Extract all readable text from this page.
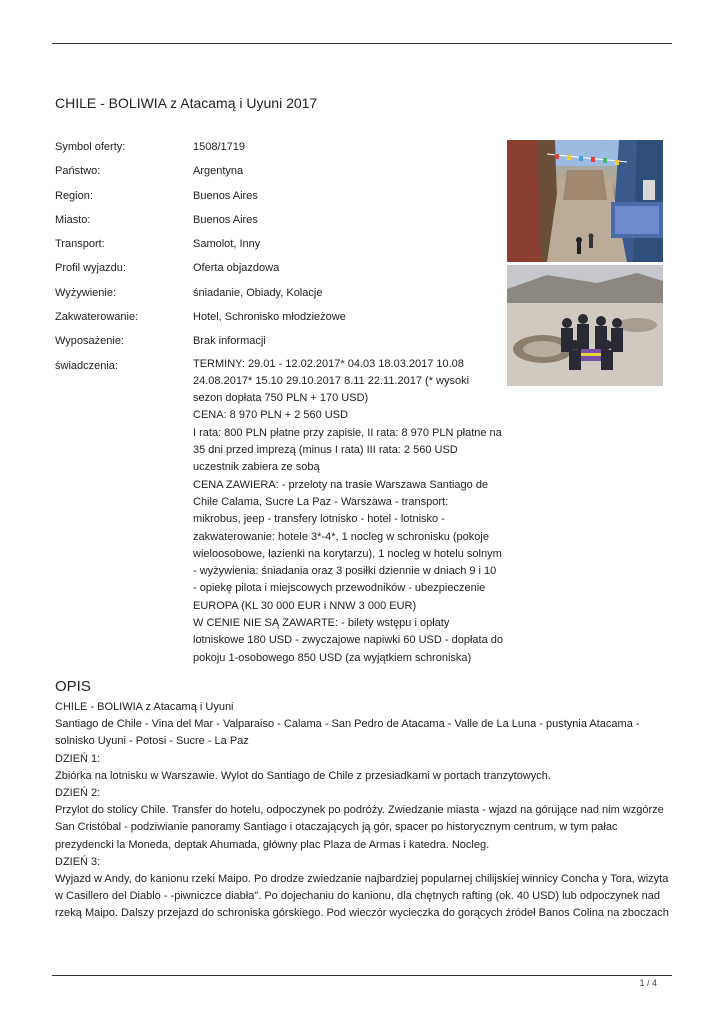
CHILE - BOLIWIA z Atacamą i Uyuni 2017
Symbol oferty:	1508/1719
Państwo:	Argentyna
Region:	Buenos Aires
Miasto:	Buenos Aires
Transport:	Samolot, Inny
Profil wyjazdu:	Oferta objazdowa
Wyżywienie:	śniadanie, Obiady, Kolacje
Zakwaterowanie:	Hotel, Schronisko młodzieżowe
Wyposażenie:	Brak informacji
świadczenia:	TERMINY: 29.01 - 12.02.2017* 04.03 18.03.2017 10.08
24.08.2017* 15.10 29.10.2017 8.11 22.11.2017 (* wysoki
sezon dopłata 750 PLN + 170 USD)
CENA: 8 970 PLN + 2 560 USD
I rata: 800 PLN płatne przy zapisie, II rata: 8 970 PLN płatne na
35 dni przed imprezą (minus I rata) III rata: 2 560 USD
uczestnik zabiera ze sobą
CENA ZAWIERA: - przeloty na trasie Warszawa Santiago de
Chile Calama, Sucre La Paz - Warszawa - transport:
mikrobus, jeep - transfery lotnisko - hotel - lotnisko -
zakwaterowanie: hotele 3*-4*, 1 nocleg w schronisku (pokoje
wieloosobowe, łazienki na korytarzu), 1 nocleg w hotelu solnym
- wyżywienia: śniadania oraz 3 posiłki dziennie w dniach 9 i 10
- opiekę pilota i miejscowych przewodników - ubezpieczenie
EUROPA (KL 30 000 EUR i NNW 3 000 EUR)
W CENIE NIE SĄ ZAWARTE: - bilety wstępu i opłaty
lotniskowe 180 USD - zwyczajowe napiwki 60 USD - dopłata do
pokoju 1-osobowego 850 USD (za wyjątkiem schroniska)
OPIS
CHILE - BOLIWIA z Atacamą i Uyuni
Santiago de Chile - Vina del Mar - Valparaiso - Calama - San Pedro de Atacama - Valle de La Luna - pustynia Atacama -
solnisko Uyuni - Potosi - Sucre - La Paz
DZIEŃ 1:
Zbiórka na lotnisku w Warszawie. Wylot do Santiago de Chile z przesiadkami w portach tranzytowych.
DZIEŃ 2:
Przylot do stolicy Chile. Transfer do hotelu, odpoczynek po podróży. Zwiedzanie miasta - wjazd na górujące nad nim wzgórze
San Cristóbal - podziwianie panoramy Santiago i otaczających ją gór, spacer po historycznym centrum, w tym pałac
prezydencki la Moneda, deptak Ahumada, główny plac Plaza de Armas i katedra. Nocleg.
DZIEŃ 3:
Wyjazd w Andy, do kanionu rzeki Maipo. Po drodze zwiedzanie najbardziej popularnej chilijskiej winnicy Concha y Tora, wizyta
w Casillero del Diablo - -piwniczce diabła". Po dojechaniu do kanionu, dla chętnych rafting (ok. 40 USD) lub odpoczynek nad
rzeką Maipo. Dalszy przejazd do schroniska górskiego. Pod wieczór wycieczka do gorących źródeł Banos Colina na zboczach
1 / 4
